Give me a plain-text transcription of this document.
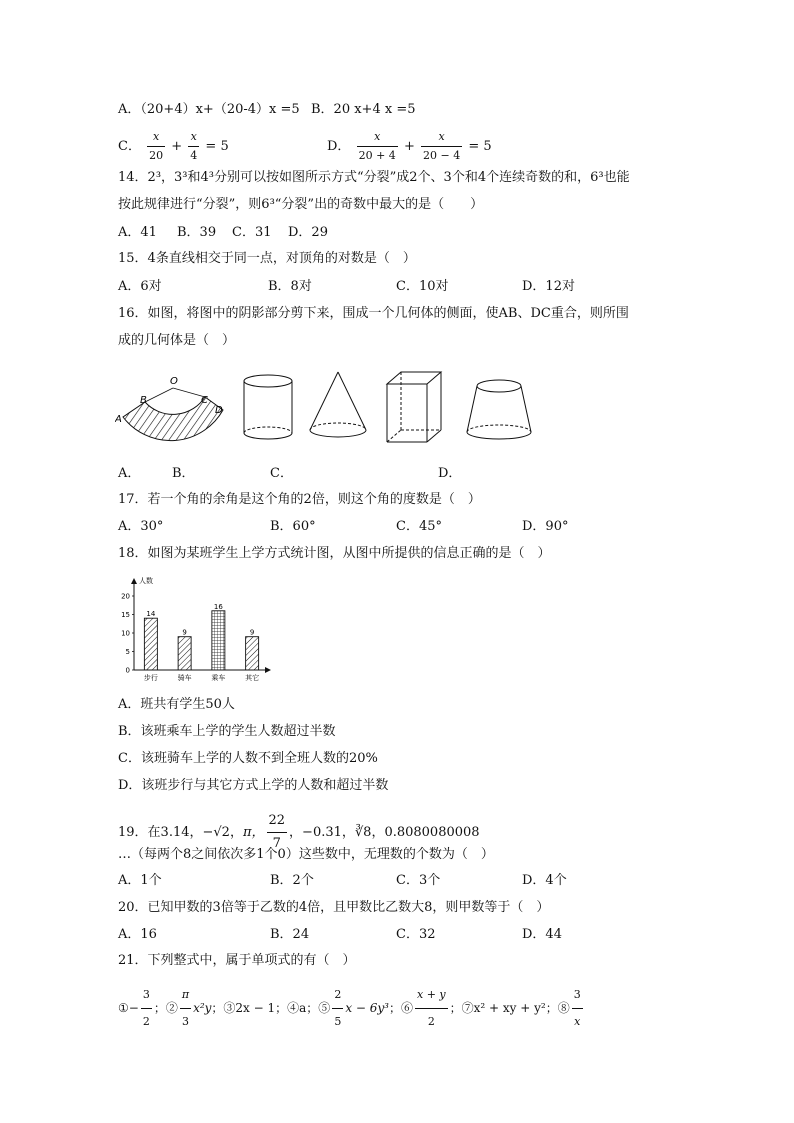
A．（20+4）x+（20-4）x =5 B．20 x+4 x =5
C． $\frac{x}{20} + \frac{x}{4} = 5$	D． $\frac{x}{20 + 4} + \frac{x}{20 - 4} = 5$
14．2³，3³和4³分别可以按如图所示方式“分裂”成2个、3个和4个连续奇数的和，6³也能
按此规律进行“分裂”，则6³“分裂”出的奇数中最大的是（　　）
A．41 B．39 C．31 D．29
15．4条直线相交于同一点，对顶角的对数是（　）
A．6对	B．8对	C．10对	D．12对
16．如图，将图中的阴影部分剪下来，围成一个几何体的侧面，使AB、DC重合，则所围
成的几何体是（　）
A
B
O
C
D
A． B．	C．	D．
17．若一个角的余角是这个角的2倍，则这个角的度数是（　）
A．30°	B．60°	C．45°	D．90°
18．如图为某班学生上学方式统计图，从图中所提供的信息正确的是（　）
人数
0
5
10
15
20
14
步行
9
骑车
16
乘车
9
其它
A．班共有学生50人
B．该班乘车上学的学生人数超过半数
C．该班骑车上学的人数不到全班人数的20%
D．该班步行与其它方式上学的人数和超过半数
19．在3.14，−√2，π， $\frac{22}{7}$ ，−0.31，∛8，0.8080080008
…（每两个8之间依次多1个0）这些数中，无理数的个数为（　）
A．1个	B．2个	C．3个	D．4个
20．已知甲数的3倍等于乙数的4倍，且甲数比乙数大8，则甲数等于（　）
A．16	B．24	C．32	D．44
21．下列整式中，属于单项式的有（　）
①− $\frac{3}{2}$ ；② $\frac{\pi}{3} x^2y$；③2x − 1；④a；⑤ $\frac{2}{5}$ x − 6y³；⑥ $\frac{x + y}{2}$ ；⑦x² + xy + y²；⑧ $\frac{3}{x}$
